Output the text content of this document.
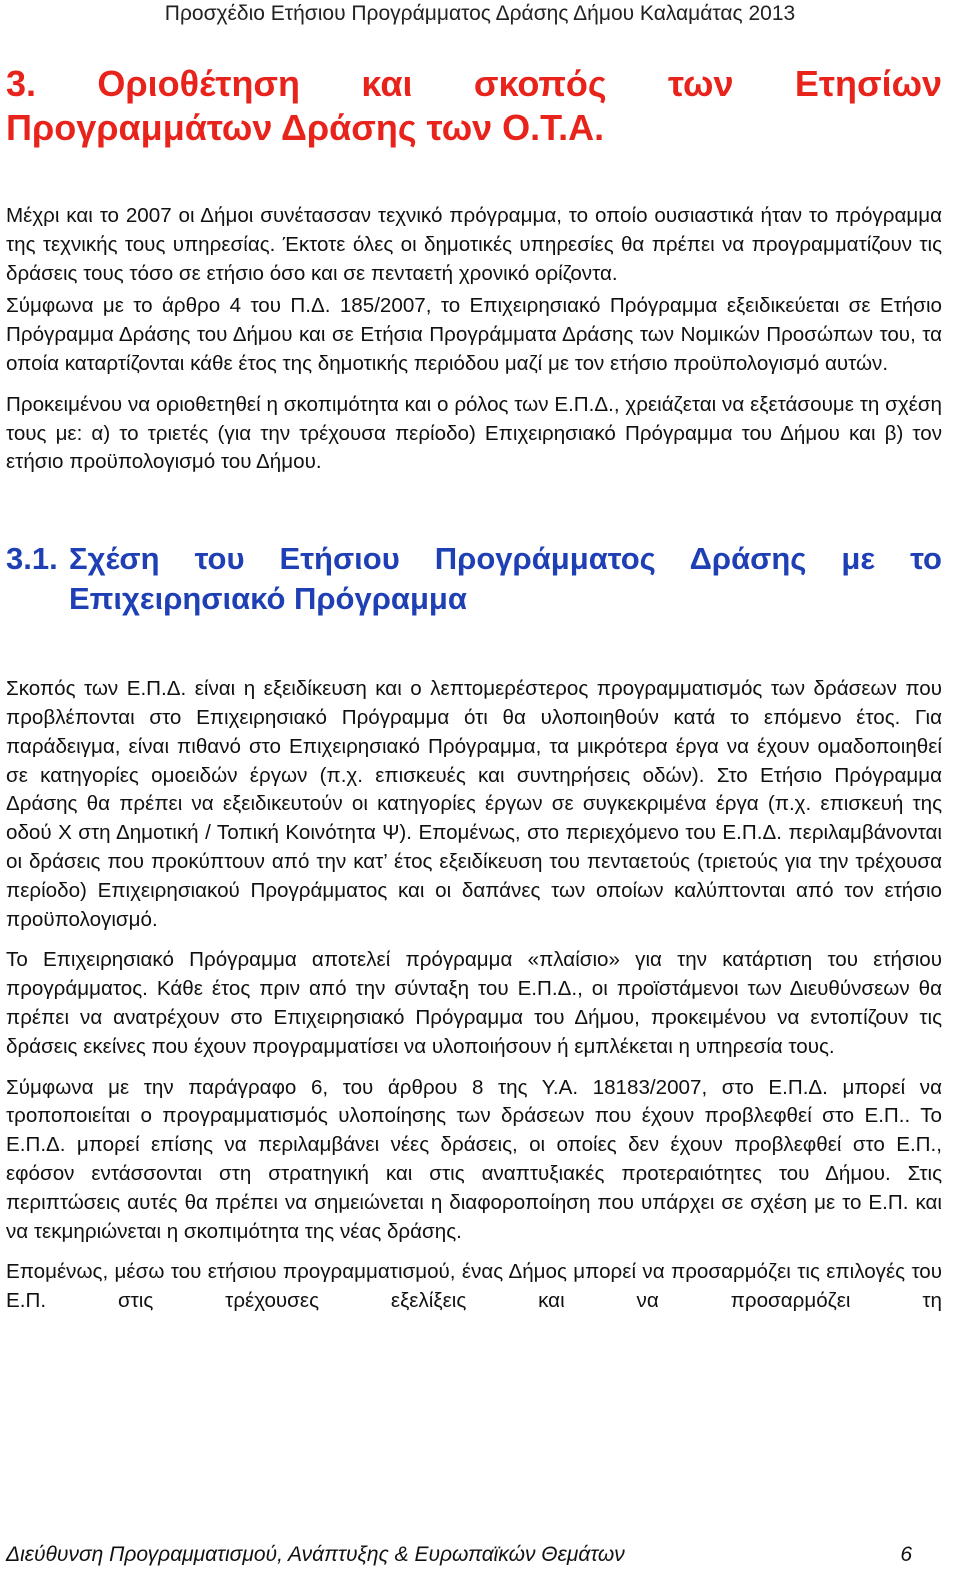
Προσχέδιο Ετήσιου Προγράμματος Δράσης Δήμου Καλαμάτας 2013
3. Οριοθέτηση και σκοπός των Ετησίων Προγραμμάτων Δράσης των Ο.Τ.Α.

Μέχρι και το 2007 οι Δήμοι συνέτασσαν τεχνικό πρόγραμμα, το οποίο ουσιαστικά ήταν το πρόγραμμα της τεχνικής τους υπηρεσίας. Έκτοτε όλες οι δημοτικές υπηρεσίες θα πρέπει να προγραμματίζουν τις δράσεις τους τόσο σε ετήσιο όσο και σε πενταετή χρονικό ορίζοντα.

Σύμφωνα με το άρθρο 4 του Π.Δ. 185/2007, το Επιχειρησιακό Πρόγραμμα εξειδικεύεται σε Ετήσιο Πρόγραμμα Δράσης του Δήμου και σε Ετήσια Προγράμματα Δράσης των Νομικών Προσώπων του, τα οποία καταρτίζονται κάθε έτος της δημοτικής περιόδου μαζί με τον ετήσιο προϋπολογισμό αυτών.

Προκειμένου να οριοθετηθεί η σκοπιμότητα και ο ρόλος των Ε.Π.Δ., χρειάζεται να εξετάσουμε τη σχέση τους με: α) το τριετές (για την τρέχουσα περίοδο) Επιχειρησιακό Πρόγραμμα του Δήμου και β) τον ετήσιο προϋπολογισμό του Δήμου.

3.1. Σχέση του Ετήσιου Προγράμματος Δράσης με το Επιχειρησιακό Πρόγραμμα

Σκοπός των Ε.Π.Δ. είναι η εξειδίκευση και ο λεπτομερέστερος προγραμματισμός των δράσεων που προβλέπονται στο Επιχειρησιακό Πρόγραμμα ότι θα υλοποιηθούν κατά το επόμενο έτος. Για παράδειγμα, είναι πιθανό στο Επιχειρησιακό Πρόγραμμα, τα μικρότερα έργα να έχουν ομαδοποιηθεί σε κατηγορίες ομοειδών έργων (π.χ. επισκευές και συντηρήσεις οδών). Στο Ετήσιο Πρόγραμμα Δράσης θα πρέπει να εξειδικευτούν οι κατηγορίες έργων σε συγκεκριμένα έργα (π.χ. επισκευή της οδού Χ στη Δημοτική / Τοπική Κοινότητα Ψ). Επομένως, στο περιεχόμενο του Ε.Π.Δ. περιλαμβάνονται οι δράσεις που προκύπτουν από την κατ’ έτος εξειδίκευση του πενταετούς (τριετούς για την τρέχουσα περίοδο) Επιχειρησιακού Προγράμματος και οι δαπάνες των οποίων καλύπτονται από τον ετήσιο προϋπολογισμό.

Το Επιχειρησιακό Πρόγραμμα αποτελεί πρόγραμμα «πλαίσιο» για την κατάρτιση του ετήσιου προγράμματος. Κάθε έτος πριν από την σύνταξη του Ε.Π.Δ., οι προϊστάμενοι των Διευθύνσεων θα πρέπει να ανατρέχουν στο Επιχειρησιακό Πρόγραμμα του Δήμου, προκειμένου να εντοπίζουν τις δράσεις εκείνες που έχουν προγραμματίσει να υλοποιήσουν ή εμπλέκεται η υπηρεσία τους.

Σύμφωνα με την παράγραφο 6, του άρθρου 8 της Υ.Α. 18183/2007, στο Ε.Π.Δ. μπορεί να τροποποιείται ο προγραμματισμός υλοποίησης των δράσεων που έχουν προβλεφθεί στο Ε.Π.. Το Ε.Π.Δ. μπορεί επίσης να περιλαμβάνει νέες δράσεις, οι οποίες δεν έχουν προβλεφθεί στο Ε.Π., εφόσον εντάσσονται στη στρατηγική και στις αναπτυξιακές προτεραιότητες του Δήμου. Στις περιπτώσεις αυτές θα πρέπει να σημειώνεται η διαφοροποίηση που υπάρχει σε σχέση με το Ε.Π. και να τεκμηριώνεται η σκοπιμότητα της νέας δράσης.

Επομένως, μέσω του ετήσιου προγραμματισμού, ένας Δήμος μπορεί να προσαρμόζει τις επιλογές του Ε.Π. στις τρέχουσες εξελίξεις και να προσαρμόζει τη

Διεύθυνση Προγραμματισμού, Ανάπτυξης & Ευρωπαϊκών Θεμάτων	6
